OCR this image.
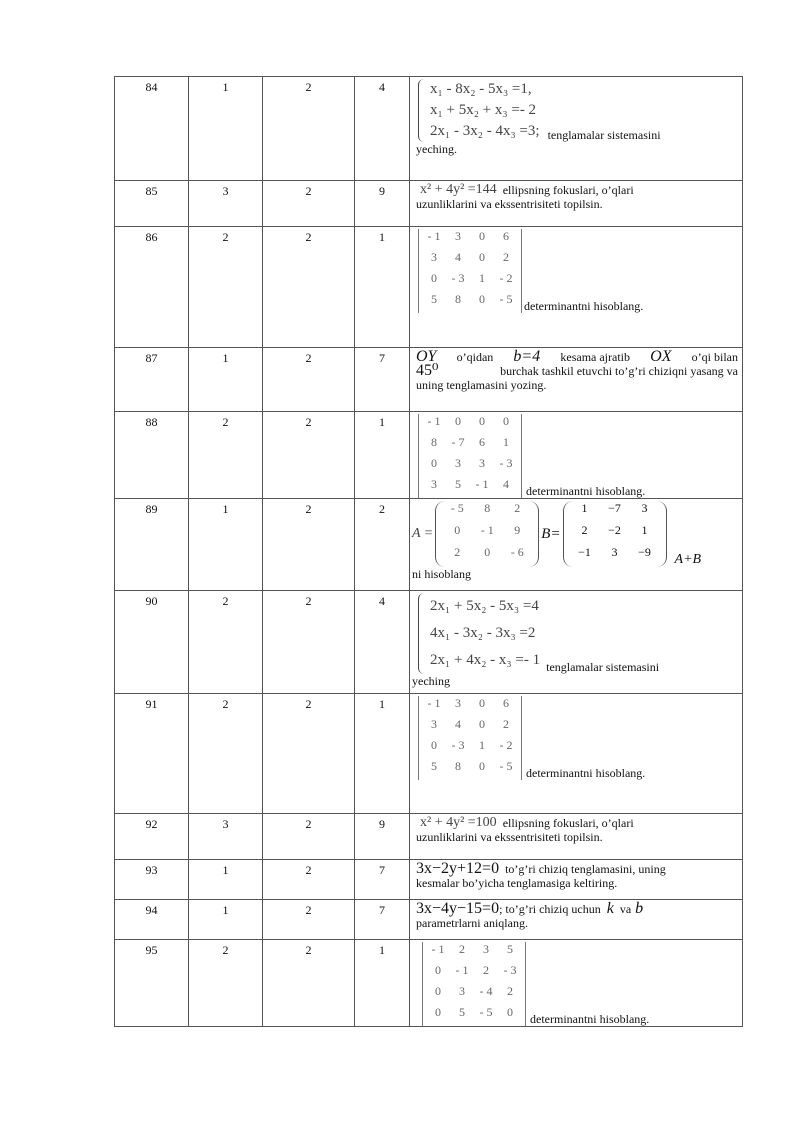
84	1	2	4	x₁ - 8x₂ - 5x₃ =1,
x₁ + 5x₂ + x₃ =- 2
2x₁ - 3x₂ - 4x₃ =3; tenglamalar sistemasini
yeching.

85	3	2	9	x² + 4y² =144 ellipsning fokuslari, o’qlari
uzunliklarini va ekssentrisiteti topilsin.

86	2	2	1		- 1	3	0	6
3	4	0	2
0	- 3	1	- 2
5	8	0	- 5 determinantni hisoblang.

87	1	2	7	OY o’qidan b=4 kesama ajratib OX o’qi bilan
45⁰	burchak tashkil etuvchi to’g’ri chiziqni yasang va
uning tenglamasini yozing.

88	2	2	1		- 1	0	0	0
8	- 7	6	1
0	3	3	- 3
3	5	- 1	4 determinantni hisoblang.

89	1	2	2	
A =
- 5	8	2
0	- 1	9
2	0	- 6
B=
1	−7	3
2	−2	1
−1	3	−9 A+B
ni hisoblang

90	2	2	4	2x₁ + 5x₂ - 5x₃ =4
4x₁ - 3x₂ - 3x₃ =2
2x₁ + 4x₂ - x₃ =- 1 tenglamalar sistemasini
yeching

91	2	2	1		- 1	3	0	6
3	4	0	2
0	- 3	1	- 2
5	8	0	- 5 determinantni hisoblang.

92	3	2	9	x² + 4y² =100 ellipsning fokuslari, o’qlari
uzunliklarini va ekssentrisiteti topilsin.

93	1	2	7	3x−2y+12=0 to’g’ri chiziq tenglamasini, uning
kesmalar bo’yicha tenglamasiga keltiring.

94	1	2	7	3x−4y−15=0 ; to’g’ri chiziq uchun k va b
parametrlarni aniqlang.

95	2	2	1		- 1	2	3	5
0	- 1	2	- 3
0	3	- 4	2
0	5	- 5	0 determinantni hisoblang.
